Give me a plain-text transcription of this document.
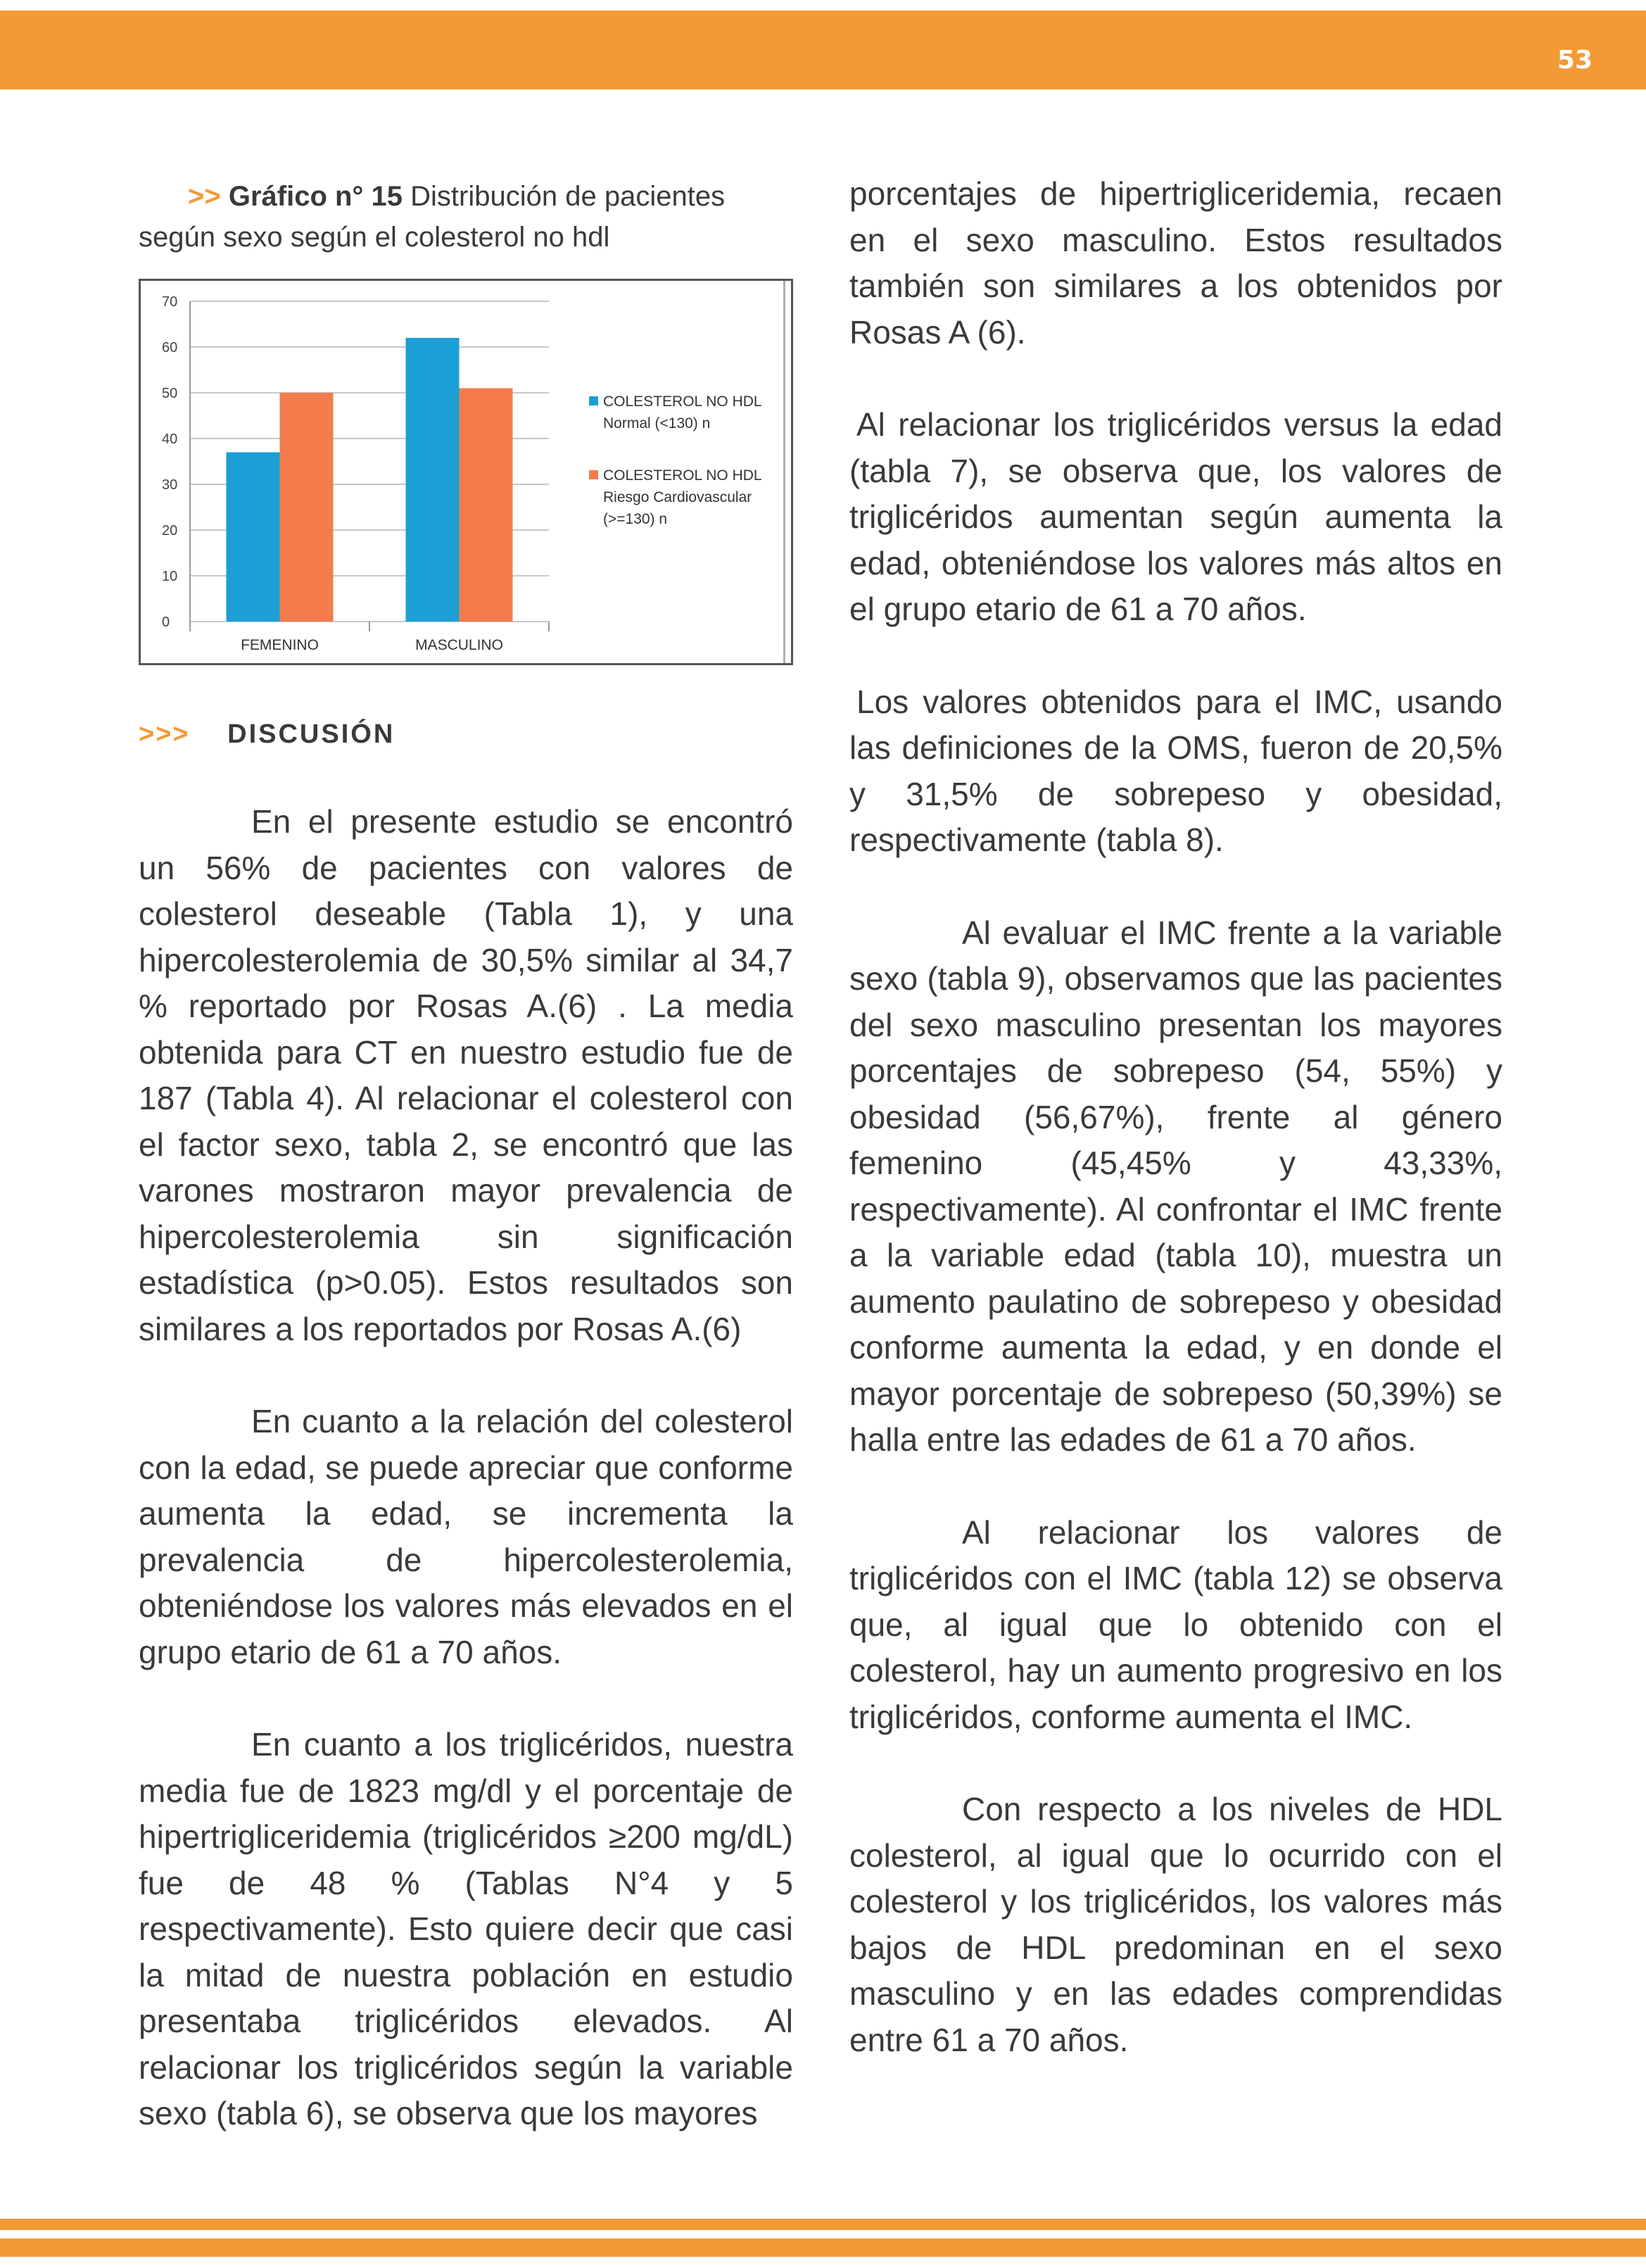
53
>> Gráfico n° 15 Distribución de pacientes según sexo según el colesterol no hdl
70
60
50
40
30
20
10
0
FEMENINO	MASCULINO
COLESTEROL NO HDL
Normal (<130) n
COLESTEROL NO HDL
Riesgo Cardiovascular
(>=130) n
>>> DISCUSIÓN

En el presente estudio se encontró un 56% de pacientes con valores de colesterol deseable (Tabla 1), y una hipercolesterolemia de 30,5% similar al 34,7 % reportado por Rosas A.(6) . La media obtenida para CT en nuestro estudio fue de 187 (Tabla 4). Al relacionar el colesterol con el factor sexo, tabla 2, se encontró que las varones mostraron mayor prevalencia de hipercolesterolemia sin significación estadística (p>0.05). Estos resultados son similares a los reportados por Rosas A.(6)

En cuanto a la relación del colesterol con la edad, se puede apreciar que conforme aumenta la edad, se incrementa la prevalencia de hipercolesterolemia, obteniéndose los valores más elevados en el grupo etario de 61 a 70 años.

En cuanto a los triglicéridos, nuestra media fue de 1823 mg/dl y el porcentaje de hipertrigliceridemia (triglicéridos ≥200 mg/dL) fue de 48 % (Tablas N°4 y 5 respectivamente). Esto quiere decir que casi la mitad de nuestra población en estudio presentaba triglicéridos elevados. Al relacionar los triglicéridos según la variable sexo (tabla 6), se observa que los mayores

porcentajes de hipertrigliceridemia, recaen en el sexo masculino. Estos resultados también son similares a los obtenidos por Rosas A (6).

Al relacionar los triglicéridos versus la edad (tabla 7), se observa que, los valores de triglicéridos aumentan según aumenta la edad, obteniéndose los valores más altos en el grupo etario de 61 a 70 años.

Los valores obtenidos para el IMC, usando las definiciones de la OMS, fueron de 20,5% y 31,5% de sobrepeso y obesidad, respectivamente (tabla 8).

Al evaluar el IMC frente a la variable sexo (tabla 9), observamos que las pacientes del sexo masculino presentan los mayores porcentajes de sobrepeso (54, 55%) y obesidad (56,67%), frente al género femenino (45,45% y 43,33%, respectivamente). Al confrontar el IMC frente a la variable edad (tabla 10), muestra un aumento paulatino de sobrepeso y obesidad conforme aumenta la edad, y en donde el mayor porcentaje de sobrepeso (50,39%) se halla entre las edades de 61 a 70 años.

Al relacionar los valores de triglicéridos con el IMC (tabla 12) se observa que, al igual que lo obtenido con el colesterol, hay un aumento progresivo en los triglicéridos, conforme aumenta el IMC.

Con respecto a los niveles de HDL colesterol, al igual que lo ocurrido con el colesterol y los triglicéridos, los valores más bajos de HDL predominan en el sexo masculino y en las edades comprendidas entre 61 a 70 años.
